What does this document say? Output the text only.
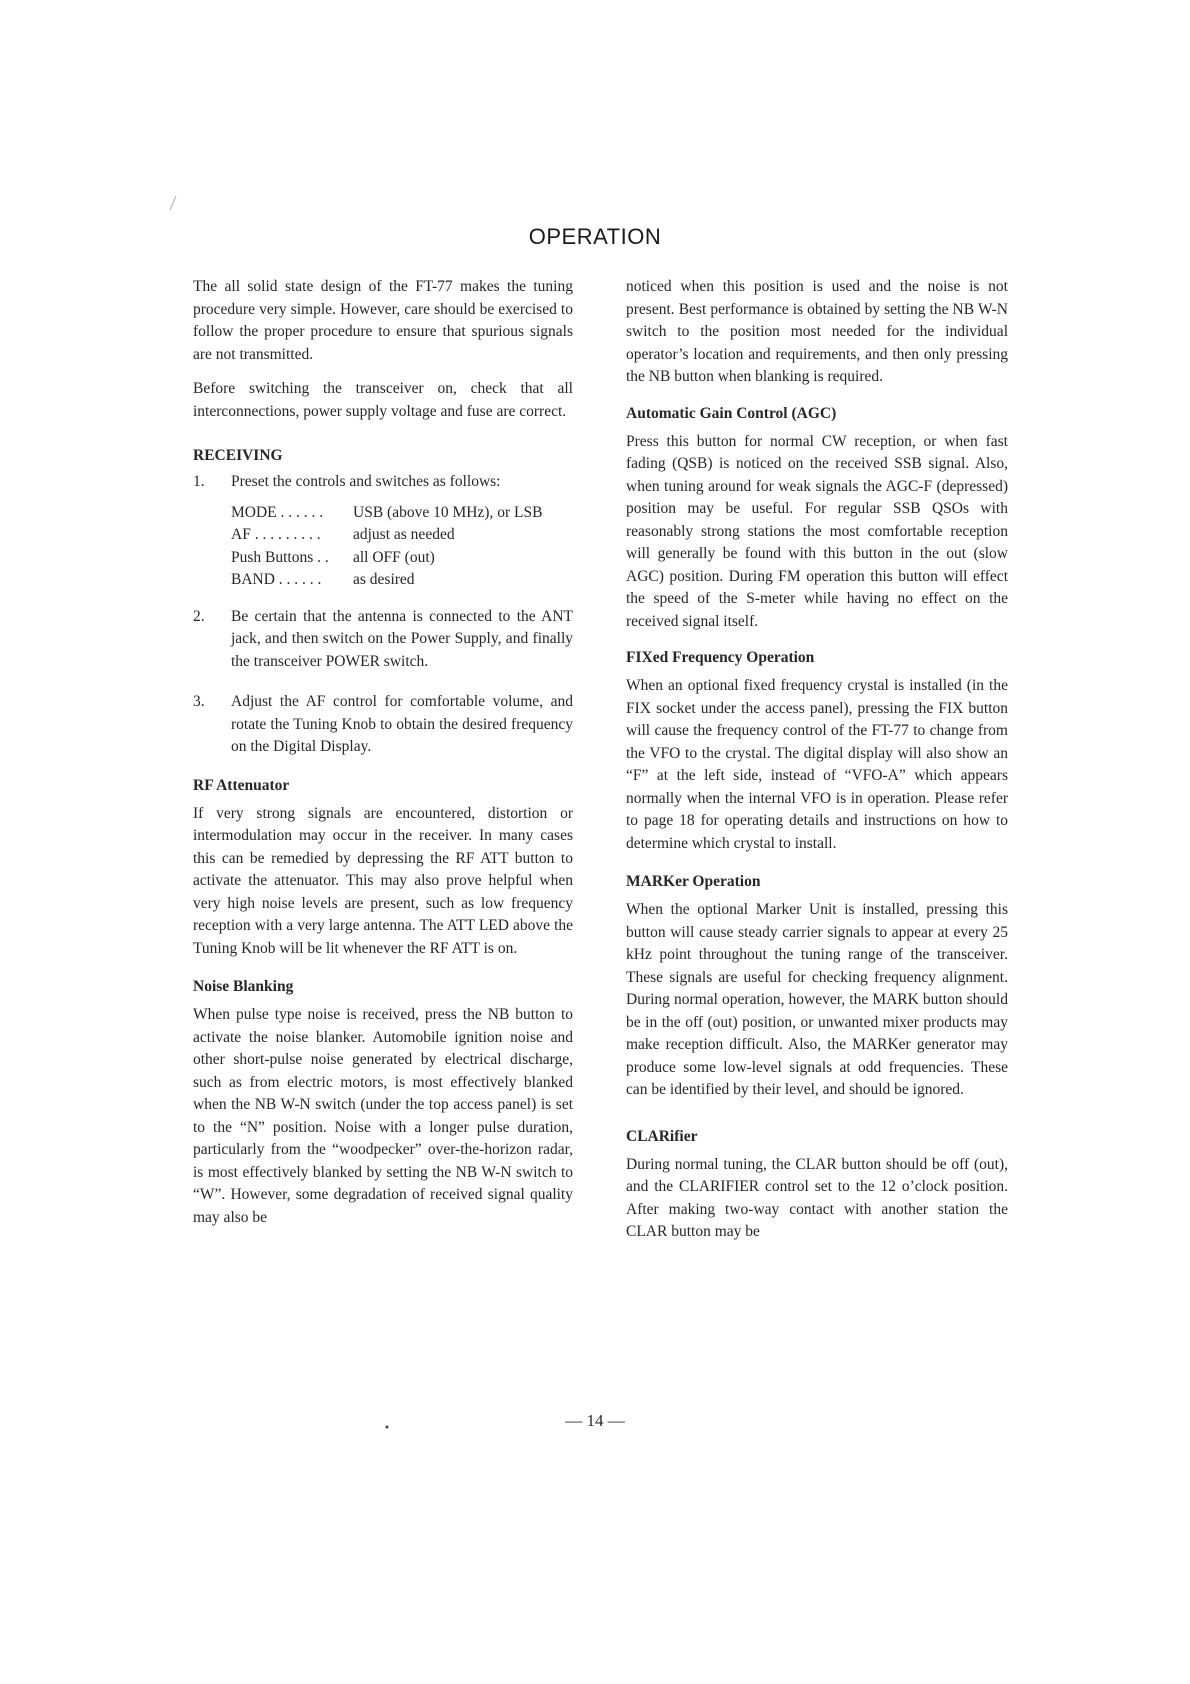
OPERATION

The all solid state design of the FT-77 makes the tuning procedure very simple. However, care should be exercised to follow the proper procedure to ensure that spurious signals are not transmitted.

Before switching the transceiver on, check that all interconnections, power supply voltage and fuse are correct.

RECEIVING
1.	Preset the controls and switches as follows:
MODE . . . . . .	USB (above 10 MHz), or LSB
AF . . . . . . . . .	adjust as needed
Push Buttons . .	all OFF (out)
BAND . . . . . .	as desired
2.	Be certain that the antenna is connected to the ANT jack, and then switch on the Power Supply, and finally the transceiver POWER switch.
3.	Adjust the AF control for comfortable volume, and rotate the Tuning Knob to obtain the desired frequency on the Digital Display.
RF Attenuator

If very strong signals are encountered, distortion or intermodulation may occur in the receiver. In many cases this can be remedied by depressing the RF ATT button to activate the attenuator. This may also prove helpful when very high noise levels are present, such as low frequency reception with a very large antenna. The ATT LED above the Tuning Knob will be lit whenever the RF ATT is on.

Noise Blanking

When pulse type noise is received, press the NB button to activate the noise blanker. Automobile ignition noise and other short-pulse noise generated by electrical discharge, such as from electric motors, is most effectively blanked when the NB W-N switch (under the top access panel) is set to the “N” position. Noise with a longer pulse duration, particularly from the “woodpecker” over-the-horizon radar, is most effectively blanked by setting the NB W-N switch to “W”. However, some degradation of received signal quality may also be

noticed when this position is used and the noise is not present. Best performance is obtained by setting the NB W-N switch to the position most needed for the individual operator’s location and requirements, and then only pressing the NB button when blanking is required.

Automatic Gain Control (AGC)

Press this button for normal CW reception, or when fast fading (QSB) is noticed on the received SSB signal. Also, when tuning around for weak signals the AGC-F (depressed) position may be useful. For regular SSB QSOs with reasonably strong stations the most comfortable reception will generally be found with this button in the out (slow AGC) position. During FM operation this button will effect the speed of the S-meter while having no effect on the received signal itself.

FIXed Frequency Operation

When an optional fixed frequency crystal is installed (in the FIX socket under the access panel), pressing the FIX button will cause the frequency control of the FT-77 to change from the VFO to the crystal. The digital display will also show an “F” at the left side, instead of “VFO-A” which appears normally when the internal VFO is in operation. Please refer to page 18 for operating details and instructions on how to determine which crystal to install.

MARKer Operation

When the optional Marker Unit is installed, pressing this button will cause steady carrier signals to appear at every 25 kHz point throughout the tuning range of the transceiver. These signals are useful for checking frequency alignment. During normal operation, however, the MARK button should be in the off (out) position, or unwanted mixer products may make reception difficult. Also, the MARKer generator may produce some low-level signals at odd frequencies. These can be identified by their level, and should be ignored.

CLARifier

During normal tuning, the CLAR button should be off (out), and the CLARIFIER control set to the 12 o’clock position. After making two-way contact with another station the CLAR button may be

— 14 —
